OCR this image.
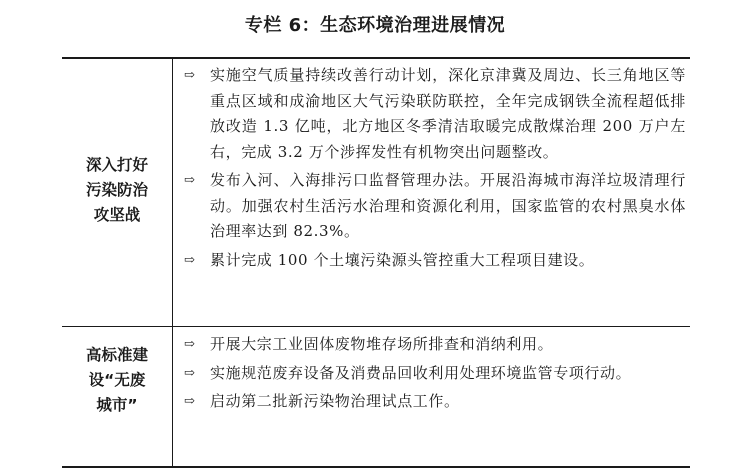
专栏 6：生态环境治理进展情况
深入打好
污染防治
攻坚战
⇨ 实施空气质量持续改善行动计划，深化京津冀及周边、长三角地区等重点区域和成渝地区大气污染联防联控，全年完成钢铁全流程超低排放改造 1.3 亿吨，北方地区冬季清洁取暖完成散煤治理 200 万户左右，完成 3.2 万个涉挥发性有机物突出问题整改。
⇨ 发布入河、入海排污口监督管理办法。开展沿海城市海洋垃圾清理行动。加强农村生活污水治理和资源化利用，国家监管的农村黑臭水体治理率达到 82.3%。
⇨ 累计完成 100 个土壤污染源头管控重大工程项目建设。
高标准建
设“无废
城市”
⇨ 开展大宗工业固体废物堆存场所排查和消纳利用。
⇨ 实施规范废弃设备及消费品回收利用处理环境监管专项行动。
⇨ 启动第二批新污染物治理试点工作。
